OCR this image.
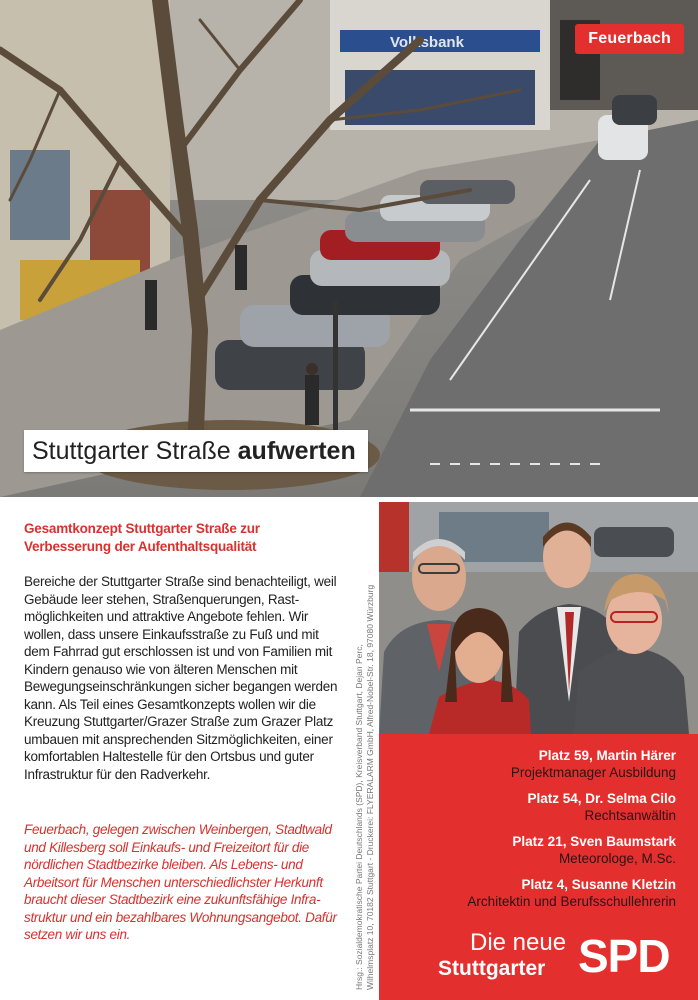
Volksbank	Feuerbach
Stuttgarter Straße aufwerten

Gesamtkonzept Stuttgarter Straße zur Verbesserung der Aufenthaltsqualität

Bereiche der Stuttgarter Straße sind benachteiligt, weil Gebäude leer stehen, Straßenquerungen, Rastmöglichkeiten und attraktive Angebote fehlen. Wir wollen, dass unsere Einkaufsstraße zu Fuß und mit dem Fahrrad gut erschlossen ist und von Familien mit Kindern genauso wie von älteren Menschen mit Bewegungseinschränkungen sicher begangen werden kann. Als Teil eines Gesamtkonzepts wollen wir die Kreuzung Stuttgarter/Grazer Straße zum Grazer Platz umbauen mit ansprechenden Sitzmöglichkeiten, einer komfortablen Haltestelle für den Ortsbus und guter Infrastruktur für den Radverkehr.

Feuerbach, gelegen zwischen Weinbergen, Stadtwald und Killesberg soll Einkaufs- und Freizeitort für die nördlichen Stadtbezirke bleiben. Als Lebens- und Arbeitsort für Menschen unterschiedlichster Herkunft braucht dieser Stadtbezirk eine zukunftsfähige Infrastruktur und ein bezahlbares Wohnungsangebot. Dafür setzen wir uns ein.	Hrsg.: Sozialdemokratische Partei Deutschlands (SPD), Kreisverband Stuttgart, Dejan Perc, Wilhelmsplatz 10, 70182 Stuttgart - Druckerei: FLYERALARM GmbH, Alfred-Nobel-Str. 18, 97080 Würzburg	Platz 59, Martin Härer
Projektmanager Ausbildung
Platz 54, Dr. Selma Cilo
Rechtsanwältin
Platz 21, Sven Baumstark
Meteorologe, M.Sc.
Platz 4, Susanne Kletzin
Architektin und Berufsschullehrerin
Die neue
Stuttgarter SPD
